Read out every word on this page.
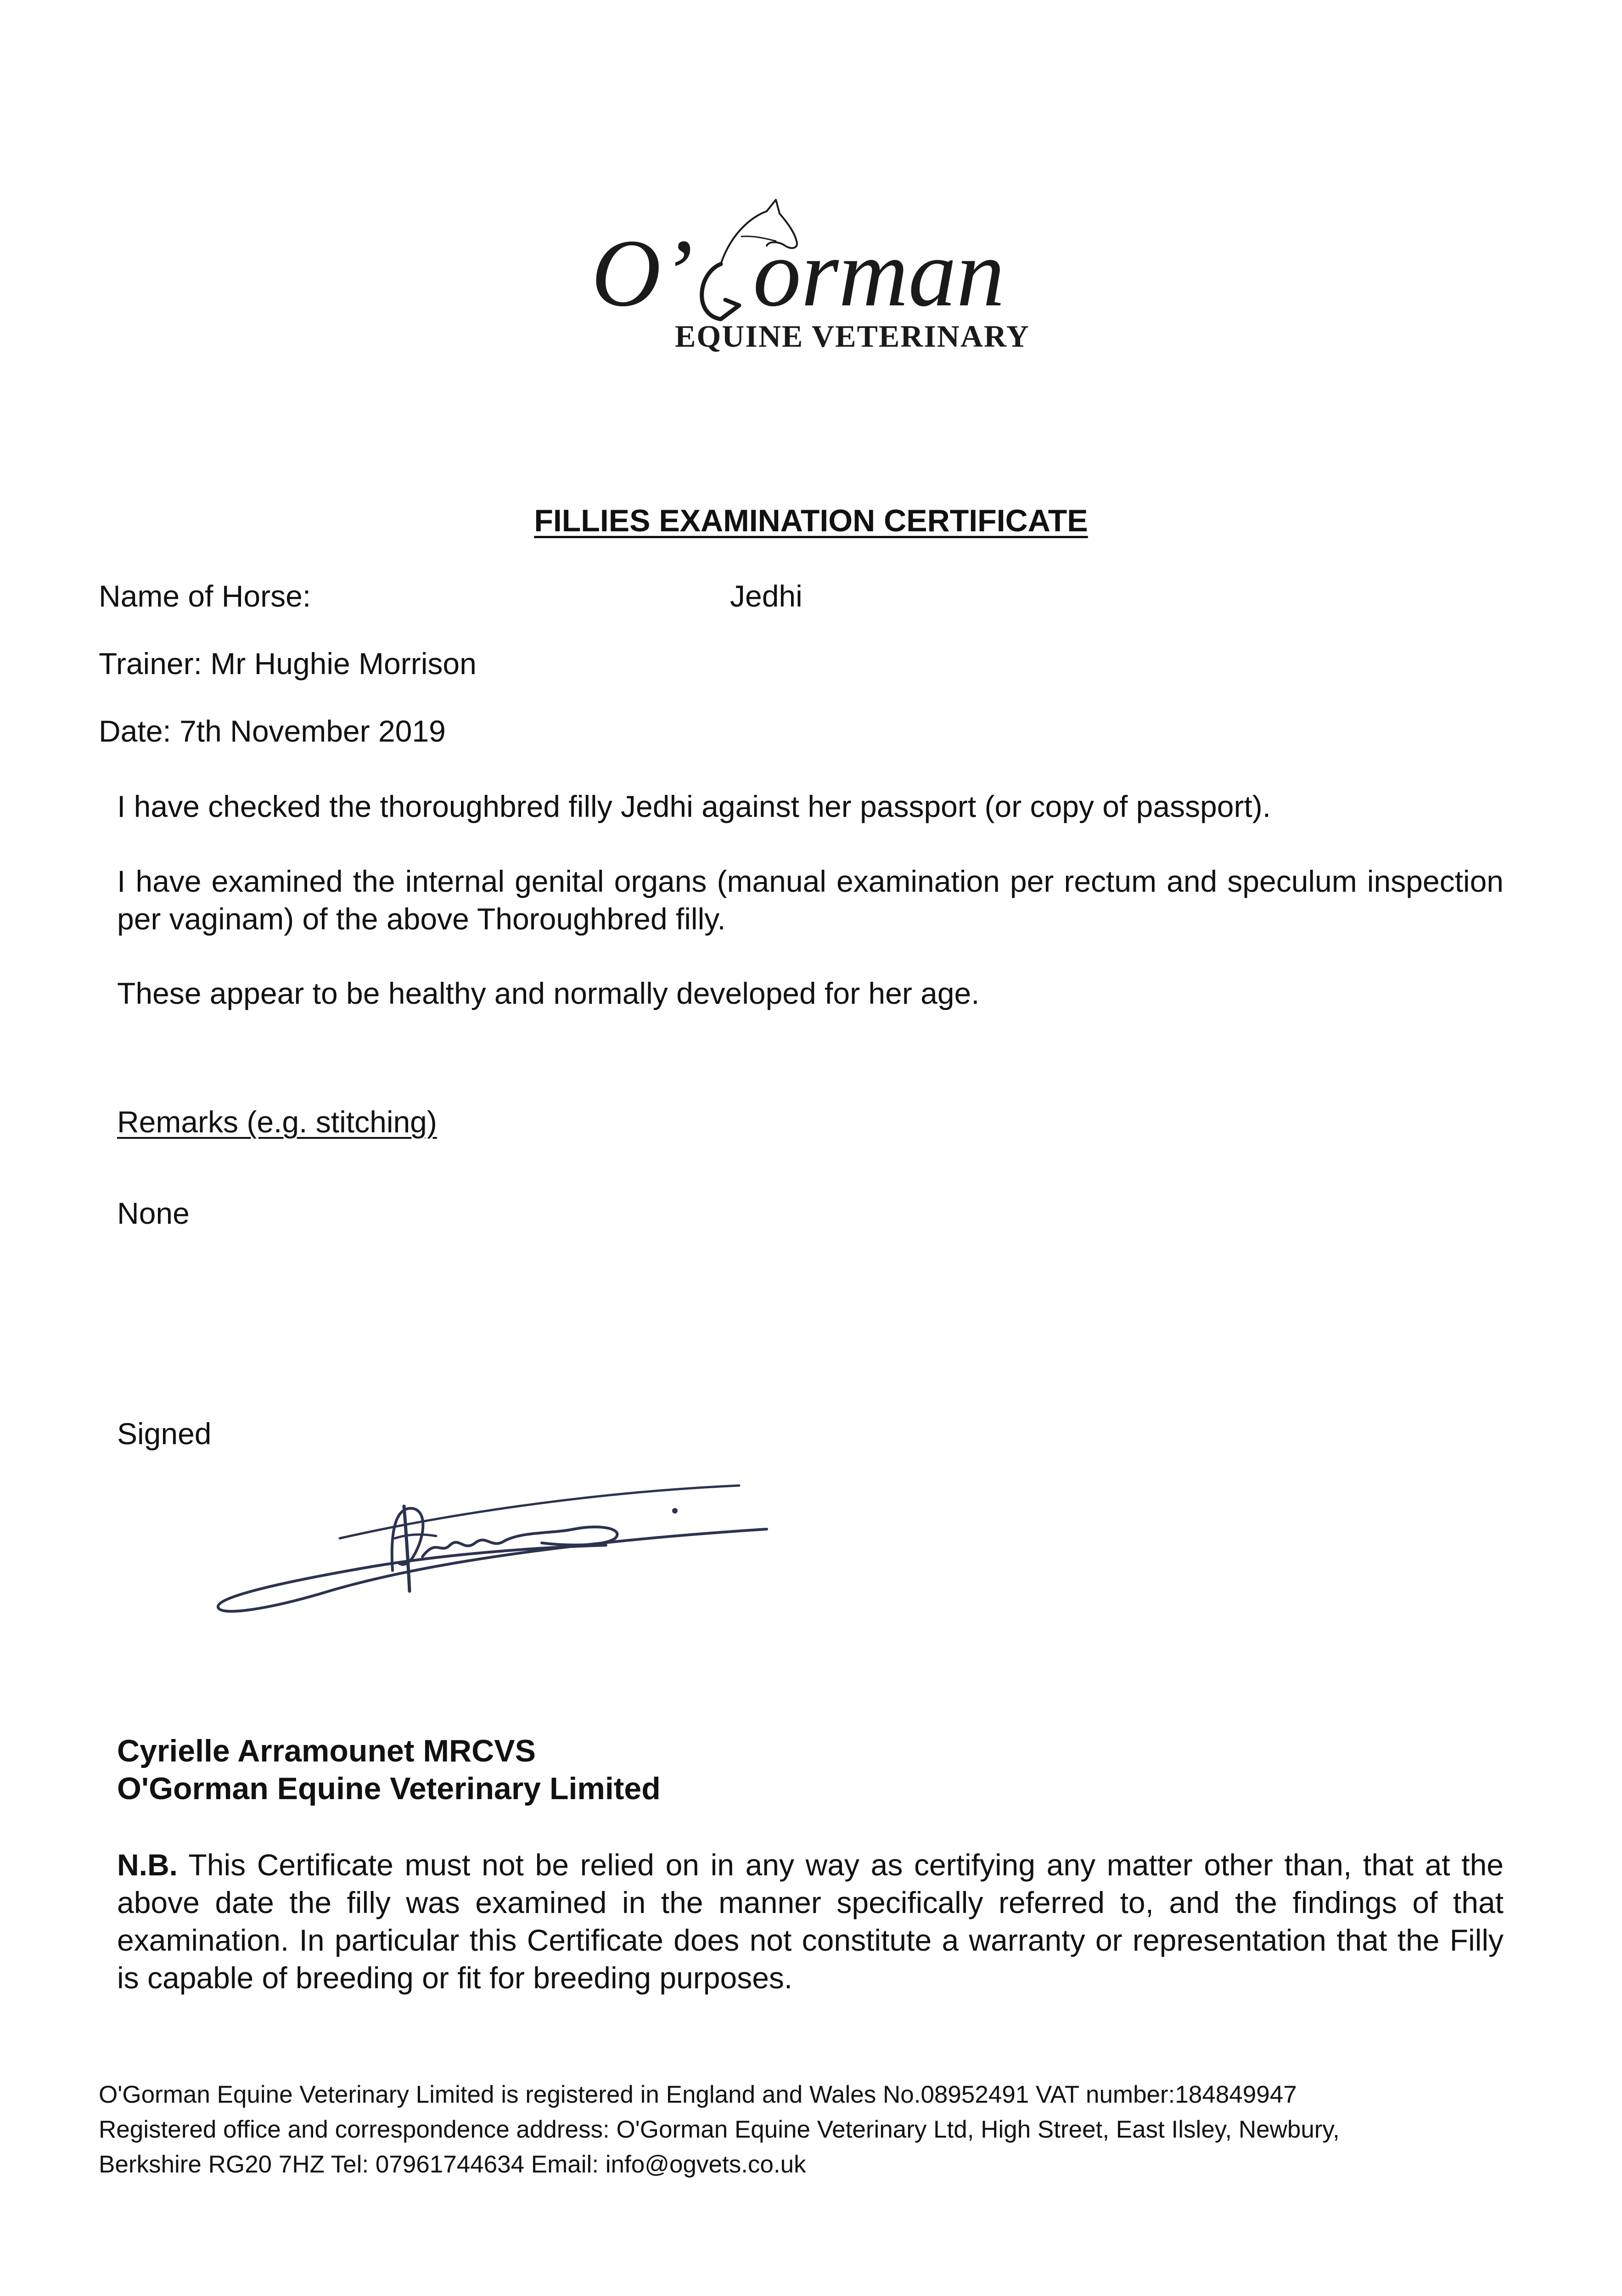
O’ orman
EQUINE VETERINARY
FILLIES EXAMINATION CERTIFICATE
Name of Horse:	Jedhi
Trainer: Mr Hughie Morrison
Date: 7th November 2019
I have checked the thoroughbred filly Jedhi against her passport (or copy of passport).
I have examined the internal genital organs (manual examination per rectum and speculum inspection per vaginam) of the above Thoroughbred filly.
These appear to be healthy and normally developed for her age.
Remarks (e.g. stitching)
None
Signed
Cyrielle Arramounet MRCVS
O'Gorman Equine Veterinary Limited
N.B. This Certificate must not be relied on in any way as certifying any matter other than, that at the above date the filly was examined in the manner specifically referred to, and the findings of that examination. In particular this Certificate does not constitute a warranty or representation that the Filly is capable of breeding or fit for breeding purposes.
O'Gorman Equine Veterinary Limited is registered in England and Wales No.08952491 VAT number:184849947
Registered office and correspondence address: O'Gorman Equine Veterinary Ltd, High Street, East Ilsley, Newbury,
Berkshire RG20 7HZ Tel: 07961744634 Email: info@ogvets.co.uk
